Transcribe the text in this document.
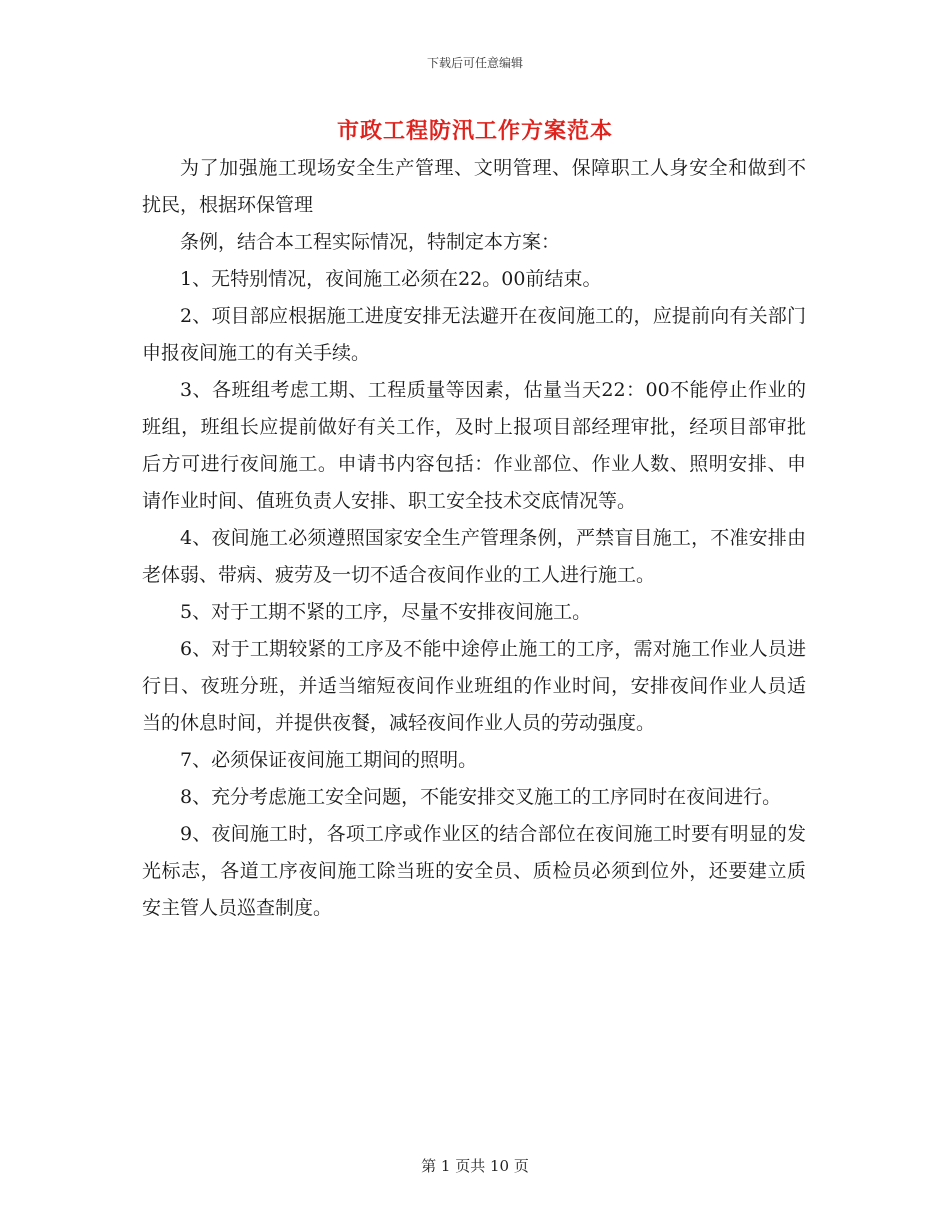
下载后可任意编辑
市政工程防汛工作方案范本

为了加强施工现场安全生产管理、文明管理、保障职工人身安全和做到不扰民，根据环保管理

条例，结合本工程实际情况，特制定本方案：

1、无特别情况，夜间施工必须在22。00前结束。

2、项目部应根据施工进度安排无法避开在夜间施工的，应提前向有关部门申报夜间施工的有关手续。

3、各班组考虑工期、工程质量等因素，估量当天22：00不能停止作业的班组，班组长应提前做好有关工作，及时上报项目部经理审批，经项目部审批后方可进行夜间施工。申请书内容包括：作业部位、作业人数、照明安排、申请作业时间、值班负责人安排、职工安全技术交底情况等。

4、夜间施工必须遵照国家安全生产管理条例，严禁盲目施工，不准安排由老体弱、带病、疲劳及一切不适合夜间作业的工人进行施工。

5、对于工期不紧的工序，尽量不安排夜间施工。

6、对于工期较紧的工序及不能中途停止施工的工序，需对施工作业人员进行日、夜班分班，并适当缩短夜间作业班组的作业时间，安排夜间作业人员适当的休息时间，并提供夜餐，减轻夜间作业人员的劳动强度。

7、必须保证夜间施工期间的照明。

8、充分考虑施工安全问题，不能安排交叉施工的工序同时在夜间进行。

9、夜间施工时，各项工序或作业区的结合部位在夜间施工时要有明显的发光标志，各道工序夜间施工除当班的安全员、质检员必须到位外，还要建立质安主管人员巡查制度。

第 1 页共 10 页
